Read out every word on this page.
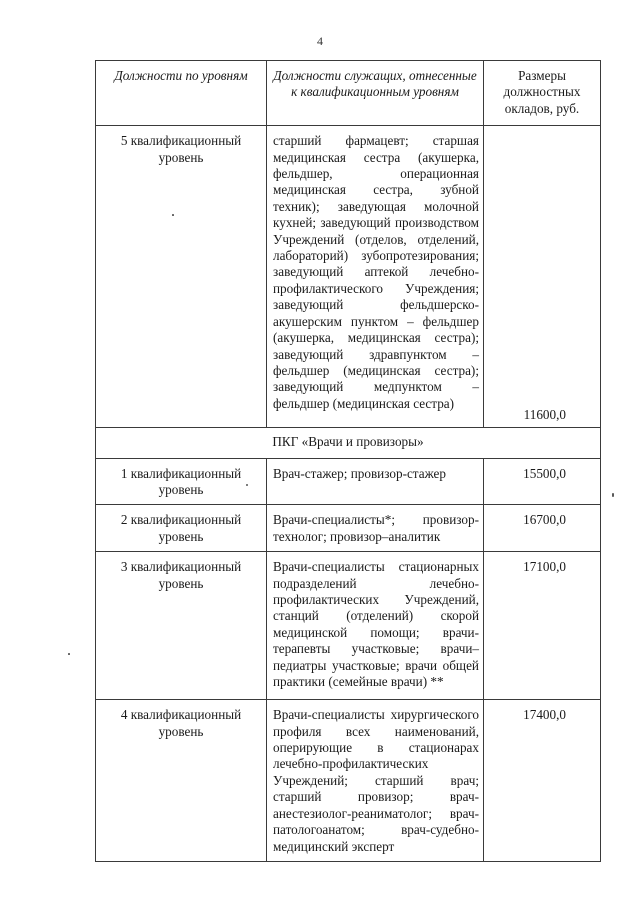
4
Должности по уровням	Должности служащих, отнесенные к квалификационным уровням	Размеры должностных окладов, руб.
5 квалификационный уровень	старший фармацевт; старшая медицинская сестра (акушерка, фельдшер, операционная медицинская сестра, зубной техник); заведующая молочной кухней; заведующий производством Учреждений (отделов, отделений, лабораторий) зубопротезирования; заведующий аптекой лечебно-профилактического Учреждения; заведующий фельдшерско-акушерским пунктом – фельдшер (акушерка, медицинская сестра); заведующий здравпунктом – фельдшер (медицинская сестра); заведующий медпунктом – фельдшер (медицинская сестра)	11600,0
ПКГ «Врачи и провизоры»		
1 квалификационный уровень	Врач-стажер; провизор-стажер	15500,0
2 квалификационный уровень	Врачи-специалисты*; провизор-технолог; провизор–аналитик	16700,0
3 квалификационный уровень	Врачи-специалисты стационарных подразделений лечебно-профилактических Учреждений, станций (отделений) скорой медицинской помощи; врачи-терапевты участковые; врачи–педиатры участковые; врачи общей практики (семейные врачи) **	17100,0
4 квалификационный уровень	Врачи-специалисты хирургического профиля всех наименований, оперирующие в стационарах лечебно-профилактических Учреждений; старший врач; старший провизор; врач-анестезиолог-реаниматолог; врач-патологоанатом; врач-судебно-медицинский эксперт	17400,0
